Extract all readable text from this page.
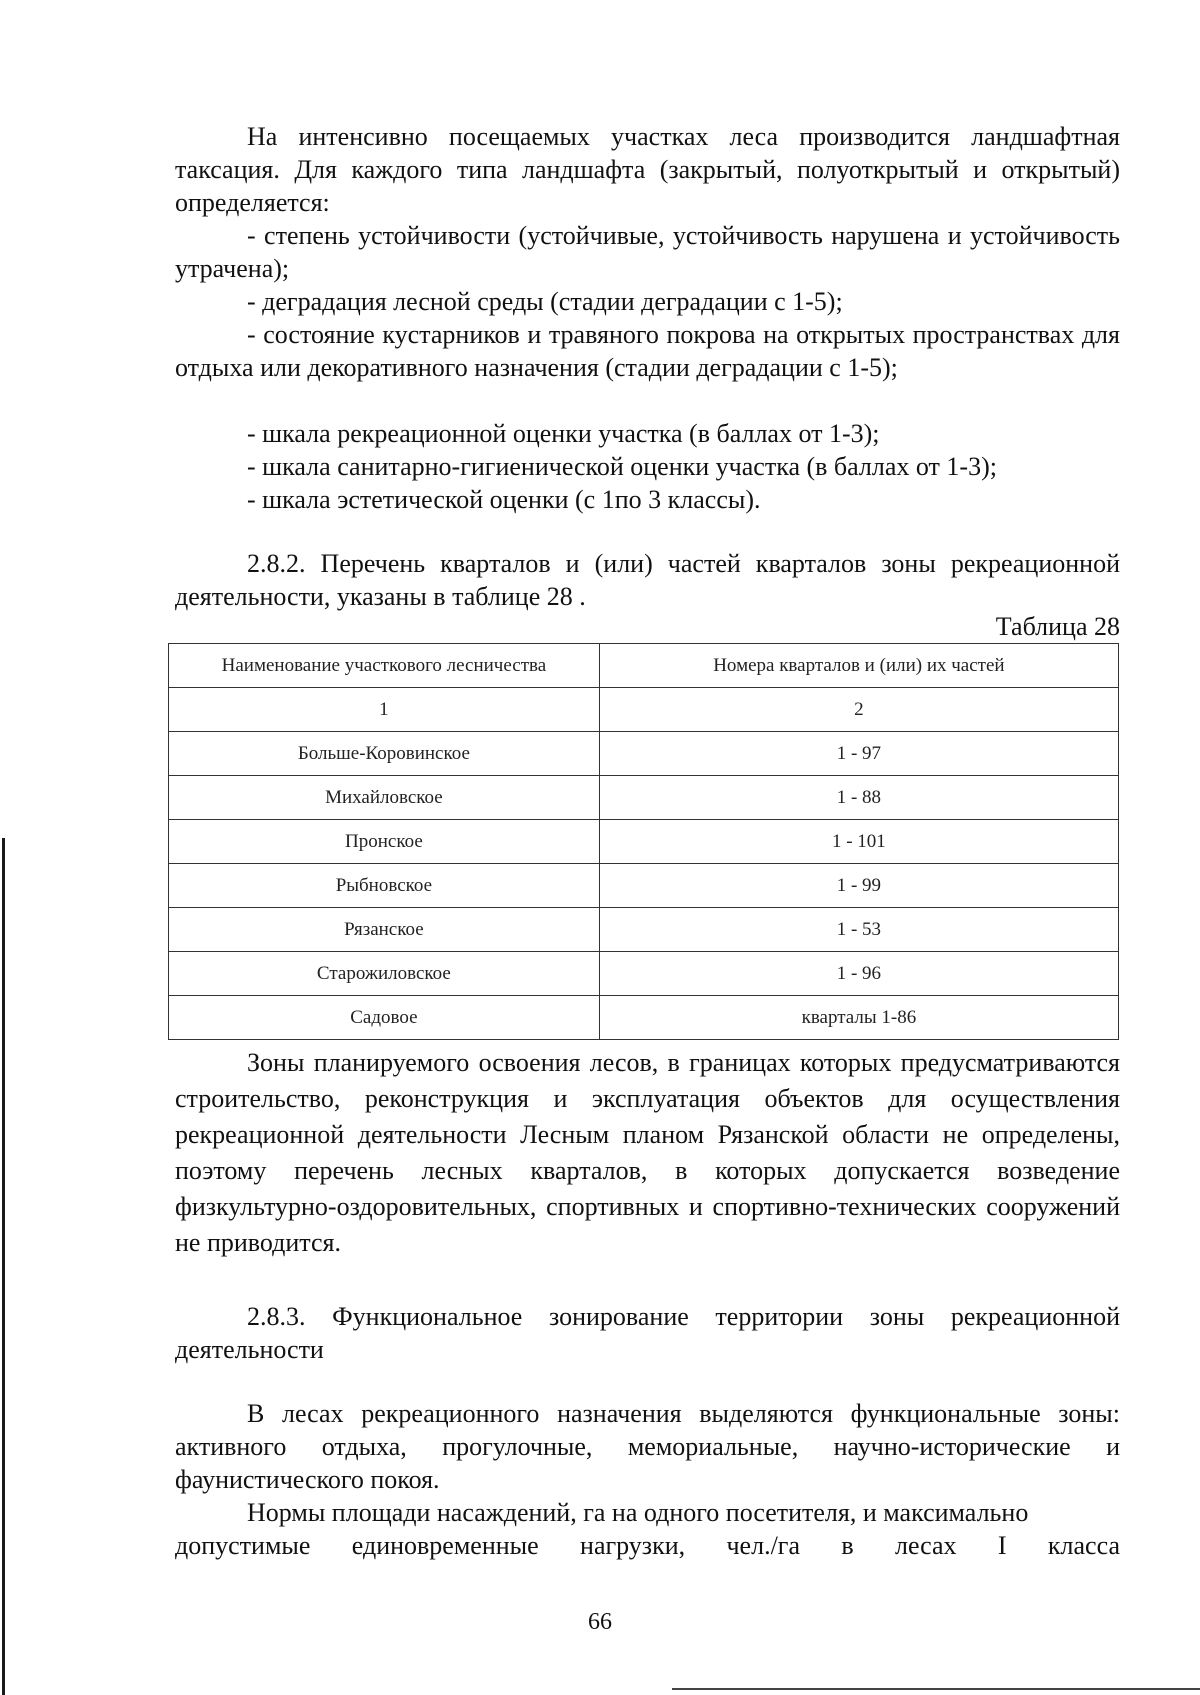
На интенсивно посещаемых участках леса производится ландшафтная таксация. Для каждого типа ландшафта (закрытый, полуоткрытый и открытый) определяется:

- степень устойчивости (устойчивые, устойчивость нарушена и устойчивость утрачена);

- деградация лесной среды (стадии деградации с 1-5);

- состояние кустарников и травяного покрова на открытых пространствах для отдыха или декоративного назначения (стадии деградации с 1-5);

- шкала рекреационной оценки участка (в баллах от 1-3);

- шкала санитарно-гигиенической оценки участка (в баллах от 1-3);

- шкала эстетической оценки (с 1по 3 классы).

2.8.2. Перечень кварталов и (или) частей кварталов зоны рекреационной деятельности, указаны в таблице 28 .

Таблица 28
Наименование участкового лесничества	Номера кварталов и (или) их частей
1	2
Больше-Коровинское	1 - 97
Михайловское	1 - 88
Пронское	1 - 101
Рыбновское	1 - 99
Рязанское	1 - 53
Старожиловское	1 - 96
Садовое	кварталы 1-86

Зоны планируемого освоения лесов, в границах которых предусматриваются строительство, реконструкция и эксплуатация объектов для осуществления рекреационной деятельности Лесным планом Рязанской области не определены, поэтому перечень лесных кварталов, в которых допускается возведение физкультурно-оздоровительных, спортивных и спортивно-технических сооружений не приводится.

2.8.3. Функциональное зонирование территории зоны рекреационной деятельности

В лесах рекреационного назначения выделяются функциональные зоны: активного отдыха, прогулочные, мемориальные, научно-исторические и фаунистического покоя.

Нормы площади насаждений, га на одного посетителя, и максимально
допустимые единовременные нагрузки, чел./га в лесах I класса
66
